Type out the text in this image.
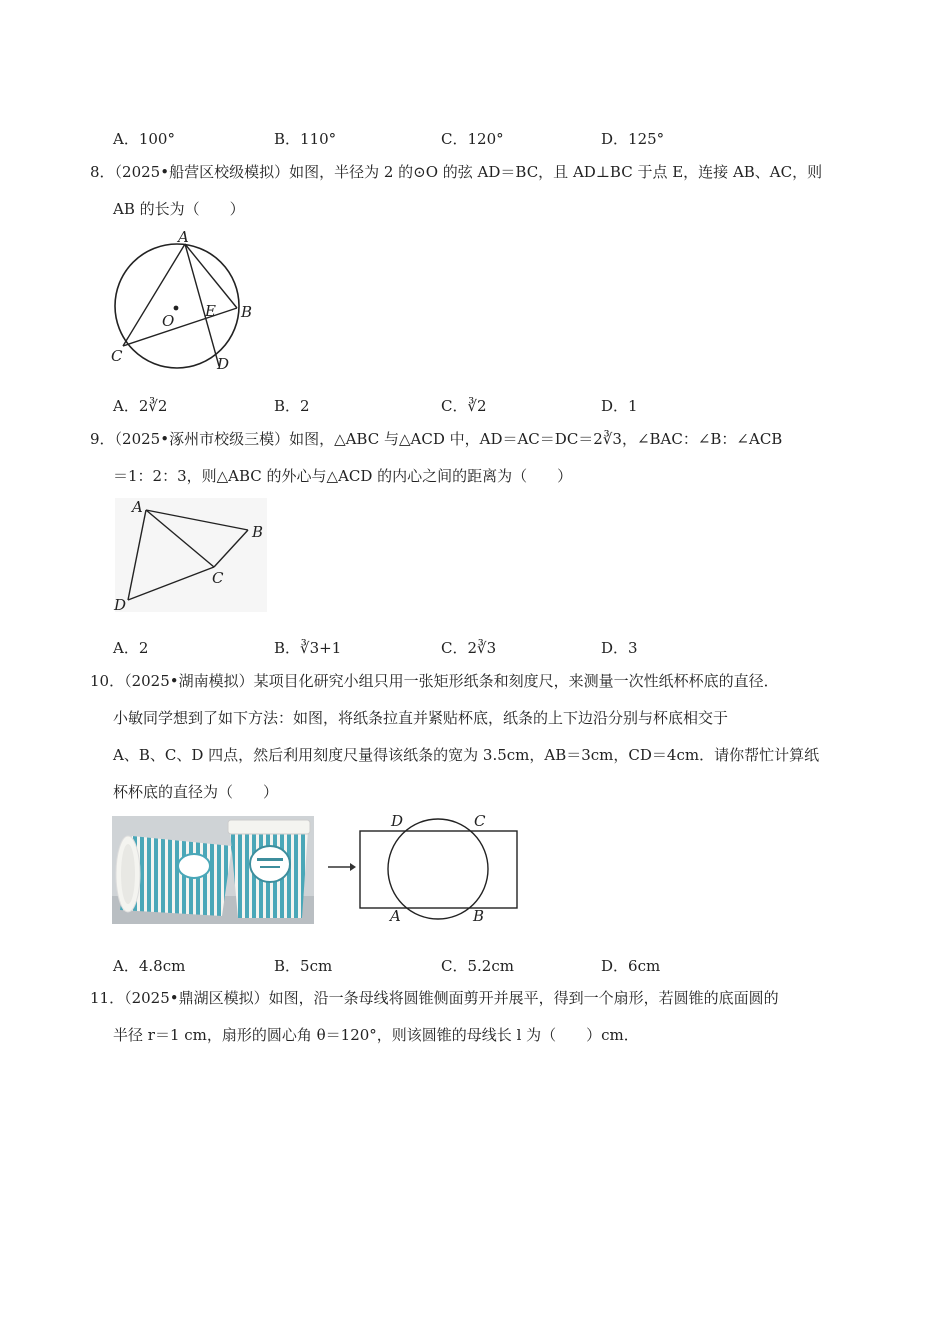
A．100°	B．110°	C．120°	D．125°
8．（2025•船营区校级模拟）如图，半径为 2 的⊙O 的弦 AD＝BC，且 AD⊥BC 于点 E，连接 AB、AC，则
AB 的长为（　　）
A
B
C	D
E
O
A．2∛2	B．2	C．∛2	D．1
9．（2025•涿州市校级三模）如图，△ABC 与△ACD 中，AD＝AC＝DC＝2∛3，∠BAC：∠B：∠ACB
＝1：2：3，则△ABC 的外心与△ACD 的内心之间的距离为（　　）
A
B
C
D
A．2	B．∛3+1	C．2∛3	D．3
10．（2025•湖南模拟）某项目化研究小组只用一张矩形纸条和刻度尺，来测量一次性纸杯杯底的直径．
小敏同学想到了如下方法：如图，将纸条拉直并紧贴杯底，纸条的上下边沿分别与杯底相交于
A、B、C、D 四点，然后利用刻度尺量得该纸条的宽为 3.5cm，AB＝3cm，CD＝4cm．请你帮忙计算纸
杯杯底的直径为（　　）
D	C
A	B
A．4.8cm	B．5cm	C．5.2cm	D．6cm
11．（2025•鼎湖区模拟）如图，沿一条母线将圆锥侧面剪开并展平，得到一个扇形，若圆锥的底面圆的
半径 r＝1 cm，扇形的圆心角 θ＝120°，则该圆锥的母线长 l 为（　　）cm．
